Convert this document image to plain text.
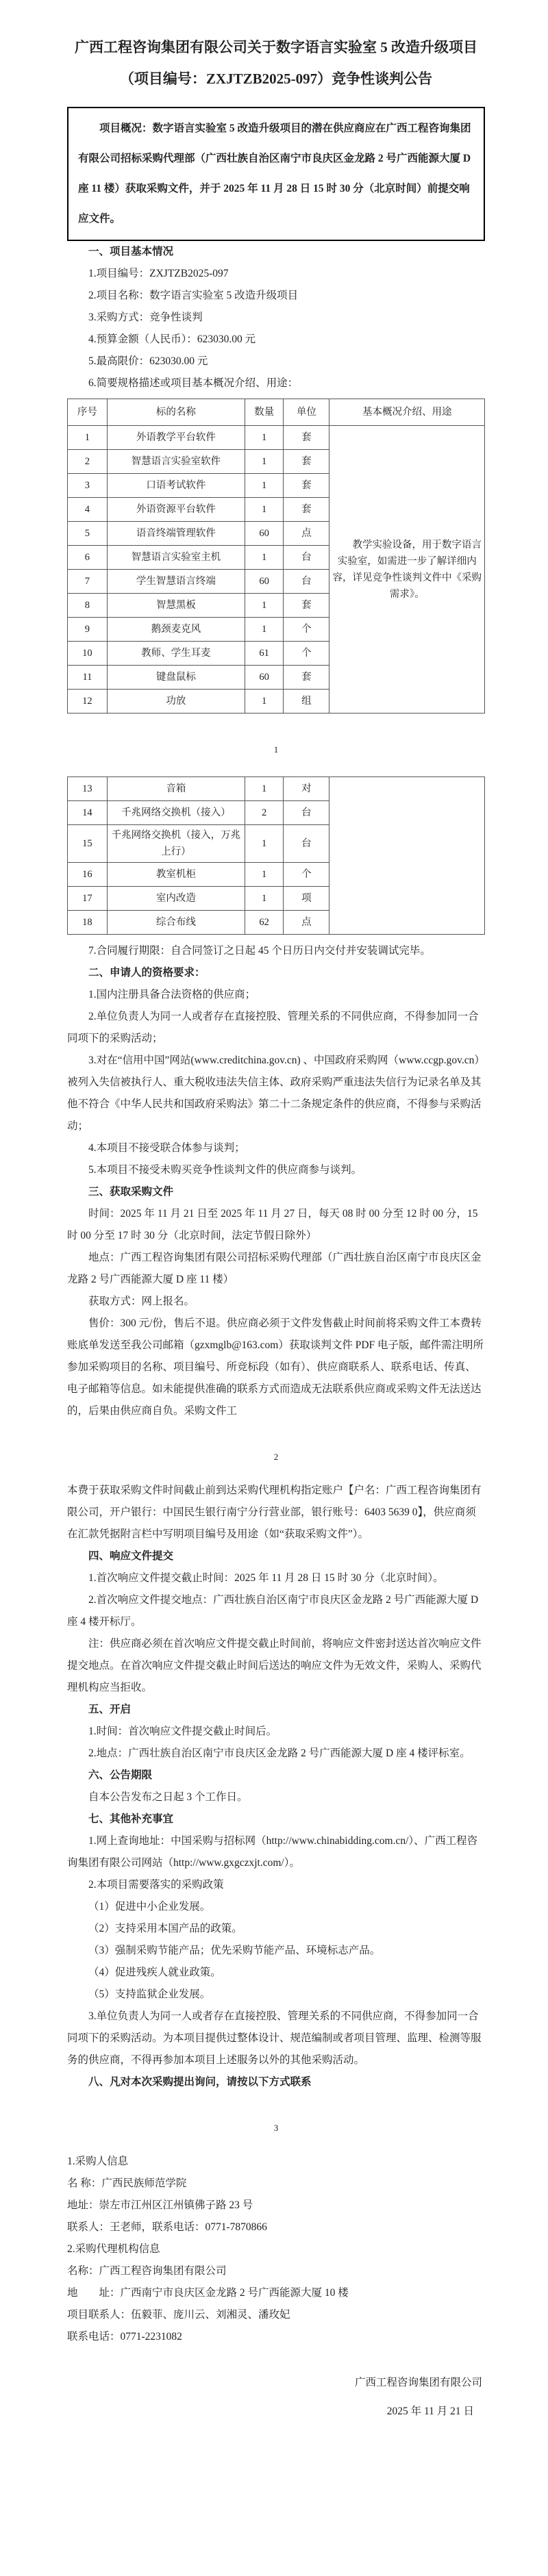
广西工程咨询集团有限公司关于数字语言实验室 5 改造升级项目
（项目编号：ZXJTZB2025-097）竞争性谈判公告
项目概况：数字语言实验室 5 改造升级项目的潜在供应商应在广西工程咨询集团有限公司招标采购代理部（广西壮族自治区南宁市良庆区金龙路 2 号广西能源大厦 D 座 11 楼）获取采购文件，并于 2025 年 11 月 28 日 15 时 30 分（北京时间）前提交响应文件。

一、项目基本情况

1.项目编号：ZXJTZB2025-097

2.项目名称：数字语言实验室 5 改造升级项目

3.采购方式：竞争性谈判

4.预算金额（人民币）：623030.00 元

5.最高限价：623030.00 元

6.简要规格描述或项目基本概况介绍、用途：

序号	标的名称	数量	单位	基本概况介绍、用途
1	外语教学平台软件	1	套	教学实验设备，用于数字语言实验室，如需进一步了解详细内容，详见竞争性谈判文件中《采购需求》。
2	智慧语言实验室软件	1	套	
3	口语考试软件	1	套	
4	外语资源平台软件	1	套	
5	语音终端管理软件	60	点	
6	智慧语言实验室主机	1	台	
7	学生智慧语言终端	60	台	
8	智慧黑板	1	套	
9	鹅颈麦克风	1	个	
10	教师、学生耳麦	61	个	
11	键盘鼠标	60	套	
12	功放	1	组	
1
13	音箱	1	对	
14	千兆网络交换机（接入）	2	台	
15	千兆网络交换机（接入，万兆上行）	1	台	
16	教室机柜	1	个	
17	室内改造	1	项	
18	综合布线	62	点	

7.合同履行期限：自合同签订之日起 45 个日历日内交付并安装调试完毕。

二、申请人的资格要求：

1.国内注册具备合法资格的供应商；

2.单位负责人为同一人或者存在直接控股、管理关系的不同供应商，不得参加同一合同项下的采购活动；

3.对在“信用中国”网站(www.creditchina.gov.cn) 、中国政府采购网（www.ccgp.gov.cn）被列入失信被执行人、重大税收违法失信主体、政府采购严重违法失信行为记录名单及其他不符合《中华人民共和国政府采购法》第二十二条规定条件的供应商，不得参与采购活动；

4.本项目不接受联合体参与谈判；

5.本项目不接受未购买竞争性谈判文件的供应商参与谈判。

三、获取采购文件

时间：2025 年 11 月 21 日至 2025 年 11 月 27 日，每天 08 时 00 分至 12 时 00 分，15 时 00 分至 17 时 30 分（北京时间，法定节假日除外）

地点：广西工程咨询集团有限公司招标采购代理部（广西壮族自治区南宁市良庆区金龙路 2 号广西能源大厦 D 座 11 楼）

获取方式：网上报名。

售价：300 元/份，售后不退。供应商必须于文件发售截止时间前将采购文件工本费转账底单发送至我公司邮箱（gzxmglb@163.com）获取谈判文件 PDF 电子版，邮件需注明所参加采购项目的名称、项目编号、所竞标段（如有）、供应商联系人、联系电话、传真、电子邮箱等信息。如未能提供准确的联系方式而造成无法联系供应商或采购文件无法送达的，后果由供应商自负。采购文件工

2

本费于获取采购文件时间截止前到达采购代理机构指定账户【户名：广西工程咨询集团有限公司，开户银行：中国民生银行南宁分行营业部，银行账号：6403 5639 0】，供应商须在汇款凭据附言栏中写明项目编号及用途（如“获取采购文件”）。

四、响应文件提交

1.首次响应文件提交截止时间：2025 年 11 月 28 日 15 时 30 分（北京时间）。

2.首次响应文件提交地点：广西壮族自治区南宁市良庆区金龙路 2 号广西能源大厦 D 座 4 楼开标厅。

注：供应商必须在首次响应文件提交截止时间前，将响应文件密封送达首次响应文件提交地点。在首次响应文件提交截止时间后送达的响应文件为无效文件，采购人、采购代理机构应当拒收。

五、开启

1.时间：首次响应文件提交截止时间后。

2.地点：广西壮族自治区南宁市良庆区金龙路 2 号广西能源大厦 D 座 4 楼评标室。

六、公告期限

自本公告发布之日起 3 个工作日。

七、其他补充事宜

1.网上查询地址：中国采购与招标网（http://www.chinabidding.com.cn/）、广西工程咨询集团有限公司网站（http://www.gxgczxjt.com/）。

2.本项目需要落实的采购政策

（1）促进中小企业发展。

（2）支持采用本国产品的政策。

（3）强制采购节能产品；优先采购节能产品、环境标志产品。

（4）促进残疾人就业政策。

（5）支持监狱企业发展。

3.单位负责人为同一人或者存在直接控股、管理关系的不同供应商，不得参加同一合同项下的采购活动。为本项目提供过整体设计、规范编制或者项目管理、监理、检测等服务的供应商，不得再参加本项目上述服务以外的其他采购活动。

八、凡对本次采购提出询问，请按以下方式联系

3

1.采购人信息

名 称：广西民族师范学院

地址：崇左市江州区江州镇佛子路 23 号

联系人：王老师，联系电话：0771-7870866

2.采购代理机构信息

名称：广西工程咨询集团有限公司

地　　址：广西南宁市良庆区金龙路 2 号广西能源大厦 10 楼

项目联系人：伍毅菲、庞川云、刘湘灵、潘玫妃

联系电话：0771-2231082

广西工程咨询集团有限公司

2025 年 11 月 21 日
